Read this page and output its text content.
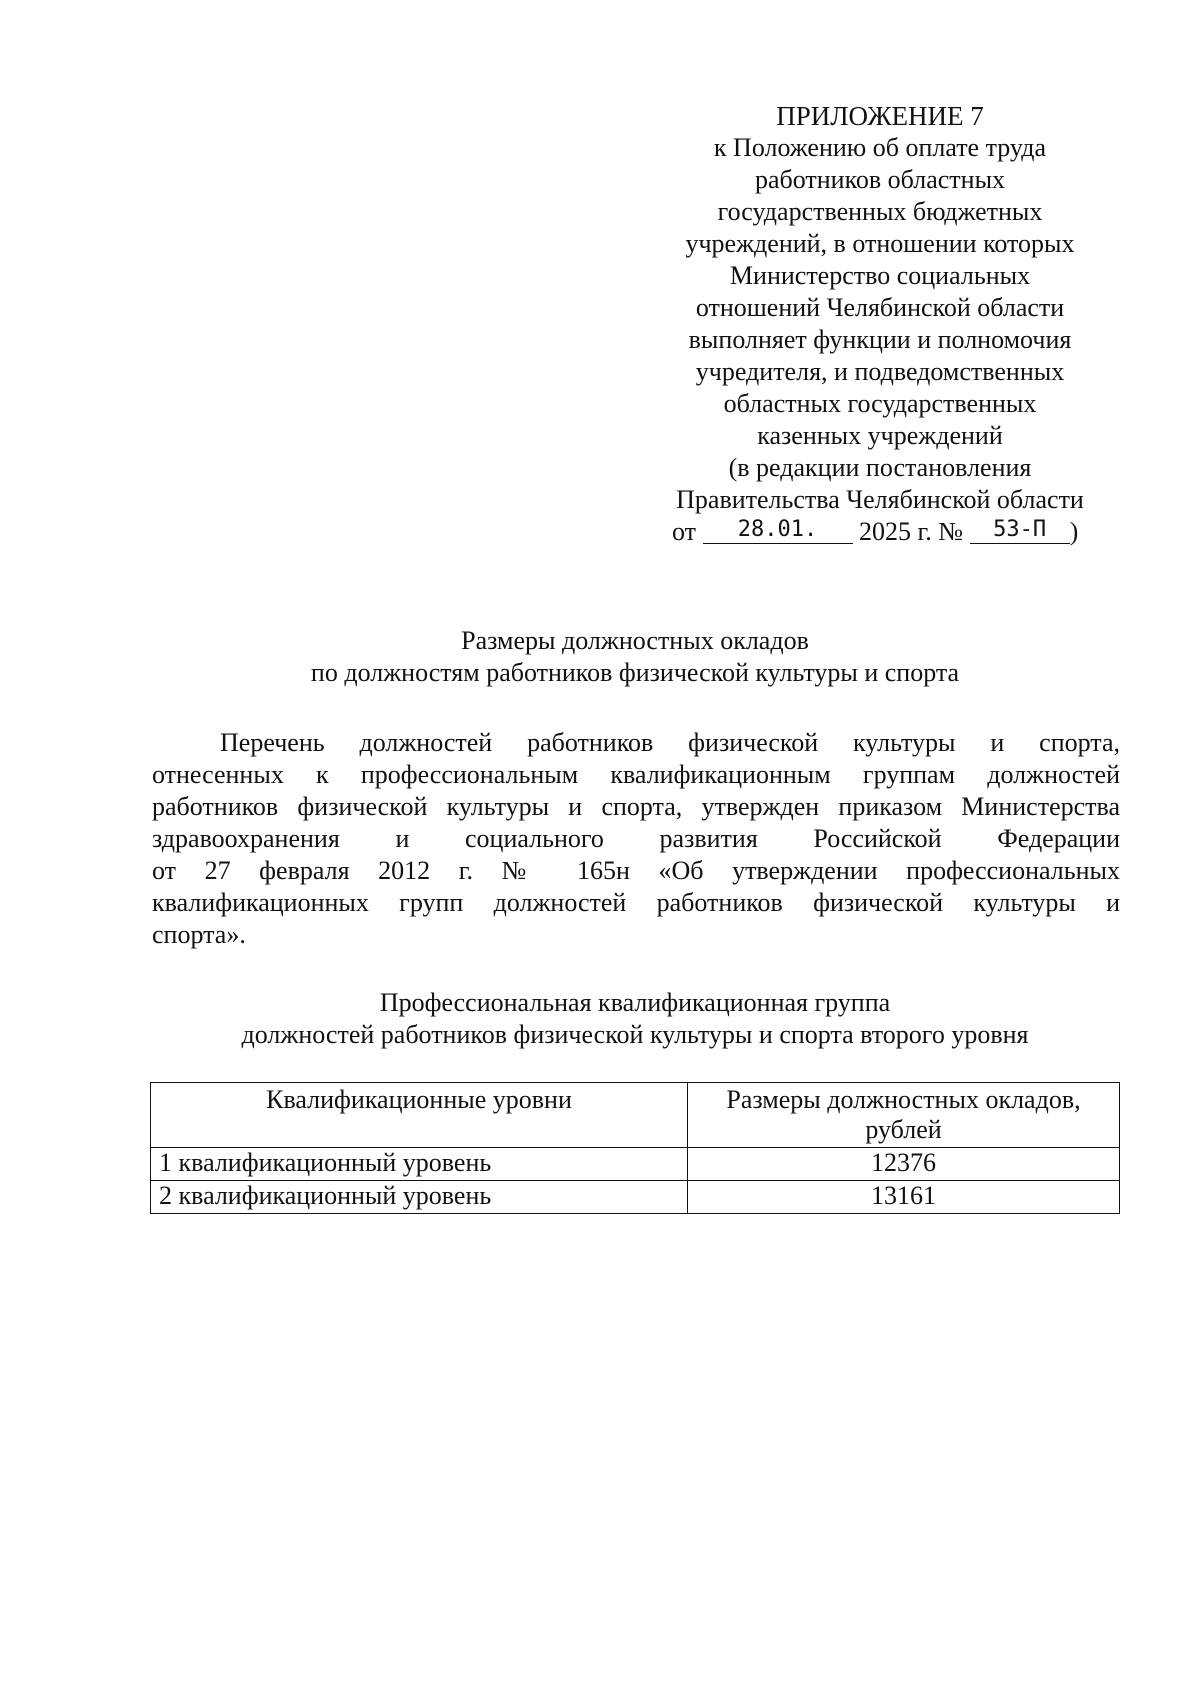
ПРИЛОЖЕНИЕ 7
к Положению об оплате труда
работников областных
государственных бюджетных
учреждений, в отношении которых
Министерство социальных
отношений Челябинской области
выполняет функции и полномочия
учредителя, и подведомственных
областных государственных
казенных учреждений
(в редакции постановления
Правительства Челябинской области
от 28.01. 2025 г. № 53-П )
Размеры должностных окладов
по должностям работников физической культуры и спорта
Перечень должностей работников физической культуры и спорта,
отнесенных к профессиональным квалификационным группам должностей
работников физической культуры и спорта, утвержден приказом Министерства
здравоохранения и социального развития Российской Федерации
от 27 февраля 2012 г. № 165н «Об утверждении профессиональных
квалификационных групп должностей работников физической культуры и
спорта».
Профессиональная квалификационная группа
должностей работников физической культуры и спорта второго уровня
Квалификационные уровни	Размеры должностных окладов, рублей
1 квалификационный уровень	12376
2 квалификационный уровень	13161
